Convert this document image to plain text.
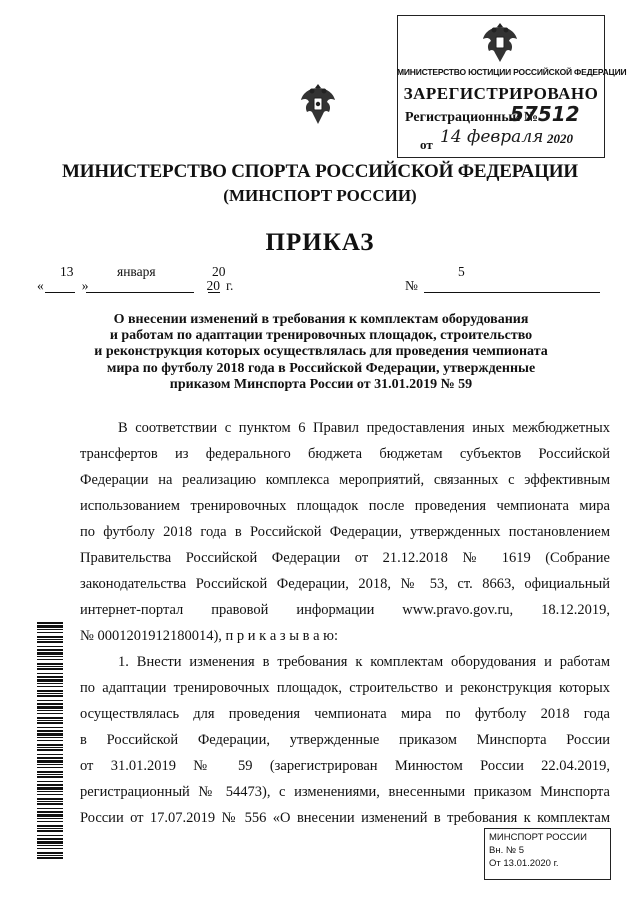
МИНИСТЕРСТВО ЮСТИЦИИ РОССИЙСКОЙ ФЕДЕРАЦИИ
ЗАРЕГИСТРИРОВАНО
Регистрационный №
57512
от 14 февраля 2020
МИНИСТЕРСТВО СПОРТА РОССИЙСКОЙ ФЕДЕРАЦИИ
(МИНСПОРТ РОССИИ)
ПРИКАЗ
13	января	20
«	»	20 г.	№
5
О внесении изменений в требования к комплектам оборудования
и работам по адаптации тренировочных площадок, строительство
и реконструкция которых осуществлялась для проведения чемпионата
мира по футболу 2018 года в Российской Федерации, утвержденные
приказом Минспорта России от 31.01.2019 № 59
В соответствии с пунктом 6 Правил предоставления иных межбюджетных
трансфертов из федерального бюджета бюджетам субъектов Российской
Федерации на реализацию комплекса мероприятий, связанных с эффективным
использованием тренировочных площадок после проведения чемпионата мира
по футболу 2018 года в Российской Федерации, утвержденных постановлением
Правительства Российской Федерации от 21.12.2018 № 1619 (Собрание
законодательства Российской Федерации, 2018, № 53, ст. 8663, официальный
интернет-портал правовой информации www.pravo.gov.ru, 18.12.2019,
№ 0001201912180014), п р и к а з ы в а ю:
1. Внести изменения в требования к комплектам оборудования и работам
по адаптации тренировочных площадок, строительство и реконструкция которых
осуществлялась для проведения чемпионата мира по футболу 2018 года
в Российской Федерации, утвержденные приказом Минспорта России
от 31.01.2019 № 59 (зарегистрирован Минюстом России 22.04.2019,
регистрационный № 54473), с изменениями, внесенными приказом Минспорта
России от 17.07.2019 № 556 «О внесении изменений в требования к комплектам
МИНСПОРТ РОССИИ
Вн. № 5
От 13.01.2020 г.
